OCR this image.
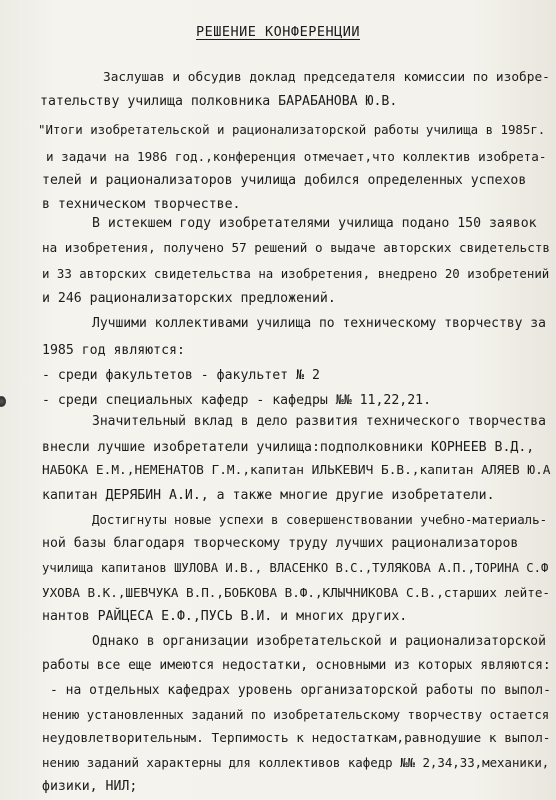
РЕШЕНИЕ КОНФЕРЕНЦИИ
Заслушав и обсудив доклад председателя комиссии по изобре-
тательству училища полковника БАРАБАНОВА Ю.В.
"Итоги изобретательской и рационализаторской работы училища в 1985г.
и задачи на 1986 год.,конференция отмечает,что коллектив изобрета-
телей и рационализаторов училища добился определенных успехов
в техническом творчестве.
В истекшем году изобретателями училища подано 150 заявок
на изобретения, получено 57 решений о выдаче авторских свидетельств
и 33 авторских свидетельства на изобретения, внедрено 20 изобретений
и 246 рационализаторских предложений.
Лучшими коллективами училища по техническому творчеству за
1985 год являются:
- среди факультетов - факультет № 2
- среди специальных кафедр - кафедры №№ 11,22,21.
Значительный вклад в дело развития технического творчества
внесли лучшие изобретатели училища:подполковники КОРНЕЕВ В.Д.,
НАБОКА Е.М.,НЕМЕНАТОВ Г.М.,капитан ИЛЬКЕВИЧ Б.В.,капитан АЛЯЕВ Ю.А
капитан ДЕРЯБИН А.И., а также многие другие изобретатели.
Достигнуты новые успехи в совершенствовании учебно-материаль-
ной базы благодаря творческому труду лучших рационализаторов
училища капитанов ШУЛОВА И.В., ВЛАСЕНКО В.С.,ТУЛЯКОВА А.П.,ТОРИНА С.Ф
УХОВА В.К.,ШЕВЧУКА В.П.,БОБКОВА В.Ф.,КЛЫЧНИКОВА С.В.,старших лейте-
нантов РАЙЦЕСА Е.Ф.,ПУСЬ В.И. и многих других.
Однако в организации изобретательской и рационализаторской
работы все еще имеются недостатки, основными из которых являются:
- на отдельных кафедрах уровень организаторской работы по выпол-
нению установленных заданий по изобретательскому творчеству остается
неудовлетворительным. Терпимость к недостаткам,равнодушие к выпол-
нению заданий характерны для коллективов кафедр №№ 2,34,33,механики,
физики, НИЛ;
